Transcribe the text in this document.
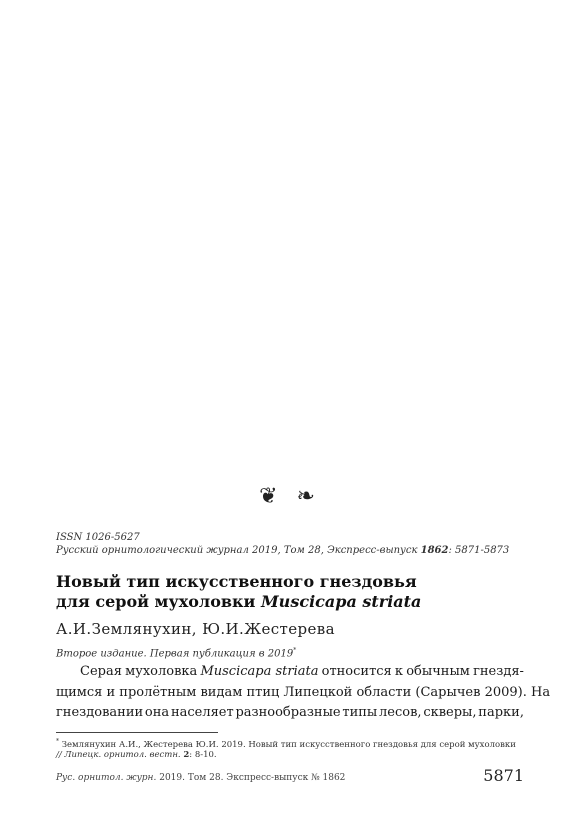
❦ ❧
ISSN 1026-5627
Русский орнитологический журнал 2019, Том 28, Экспресс-выпуск 1862: 5871-5873
Новый тип искусственного гнездовья
для серой мухоловки Muscicapa striata
А.И.Землянухин, Ю.И.Жестерева
Второе издание. Первая публикация в 2019*
Серая мухоловка Muscicapa striata относится к обычным гнездя-
щимся и пролётным видам птиц Липецкой области (Сарычев 2009). На
гнездовании она населяет разнообразные типы лесов, скверы, парки,
* Землянухин А.И., Жестерева Ю.И. 2019. Новый тип искусственного гнездовья для серой мухоловки
// Липецк. орнитол. вестн. 2: 8-10.
Рус. орнитол. журн. 2019. Том 28. Экспресс-выпуск № 1862	5871
